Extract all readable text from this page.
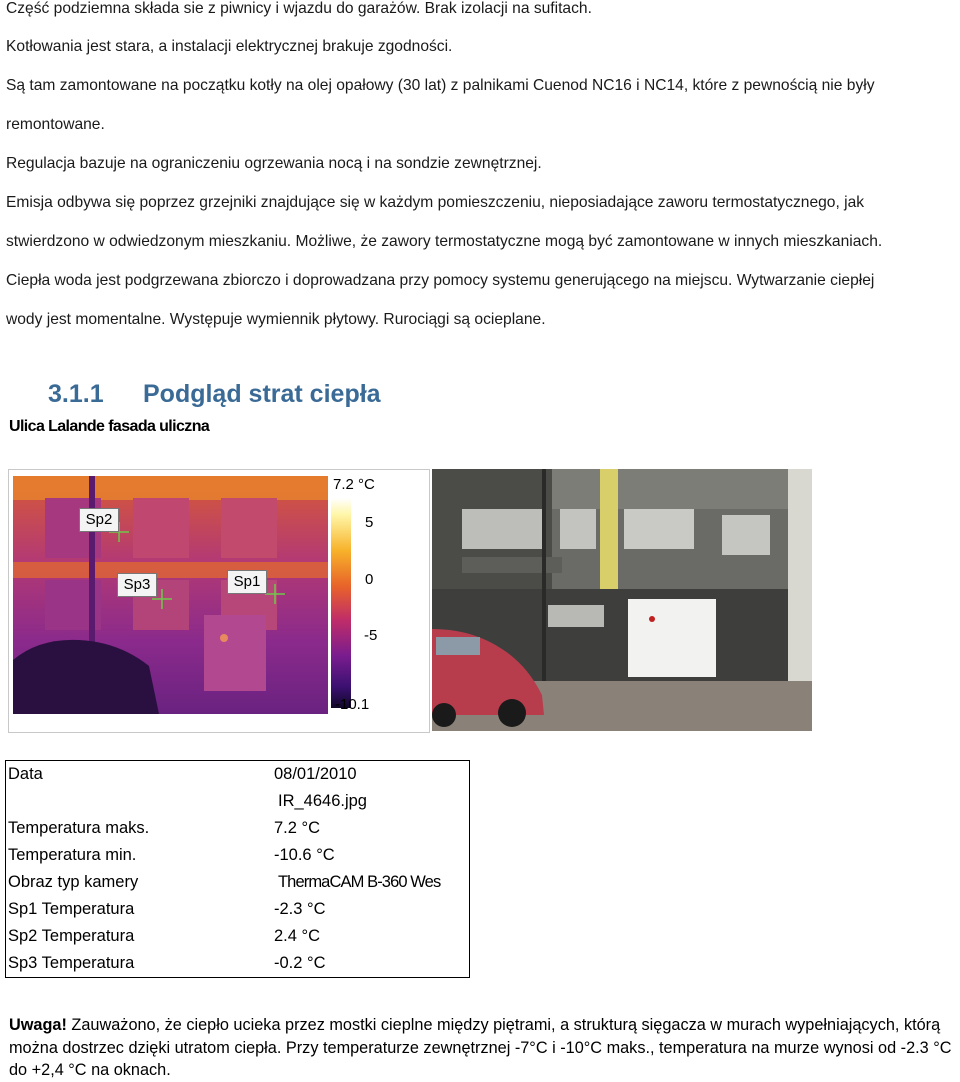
Część podziemna składa sie z piwnicy i wjazdu do garażów. Brak izolacji na sufitach.

Kotłowania jest stara, a instalacji elektrycznej brakuje zgodności.

Są tam zamontowane na początku kotły na olej opałowy (30 lat) z palnikami Cuenod NC16 i NC14, które z pewnością nie były

remontowane.

Regulacja bazuje na ograniczeniu ogrzewania nocą i na sondzie zewnętrznej.

Emisja odbywa się poprzez grzejniki znajdujące się w każdym pomieszczeniu, nieposiadające zaworu termostatycznego, jak

stwierdzono w odwiedzonym mieszkaniu. Możliwe, że zawory termostatyczne mogą być zamontowane w innych mieszkaniach.

Ciepła woda jest podgrzewana zbiorczo i doprowadzana przy pomocy systemu generującego na miejscu. Wytwarzanie ciepłej

wody jest momentalne. Występuje wymiennik płytowy. Rurociągi są ocieplane.

3.1.1 Podgląd strat ciepła
Ulica Lalande fasada uliczna
Sp2
Sp3	Sp1
7.2 °C
5
0
-5
-10.1
Data	08/01/2010
	IR_4646.jpg
Temperatura maks.	7.2 °C
Temperatura min.	-10.6 °C
Obraz typ kamery	ThermaCAM B-360 Wes
Sp1 Temperatura	-2.3 °C
Sp2 Temperatura	2.4 °C
Sp3 Temperatura	-0.2 °C

Uwaga! Zauważono, że ciepło ucieka przez mostki cieplne między piętrami, a strukturą sięgacza w murach wypełniających, którą można dostrzec dzięki utratom ciepła. Przy temperaturze zewnętrznej -7°C i -10°C maks., temperatura na murze wynosi od -2.3 °C do +2,4 °C na oknach.
